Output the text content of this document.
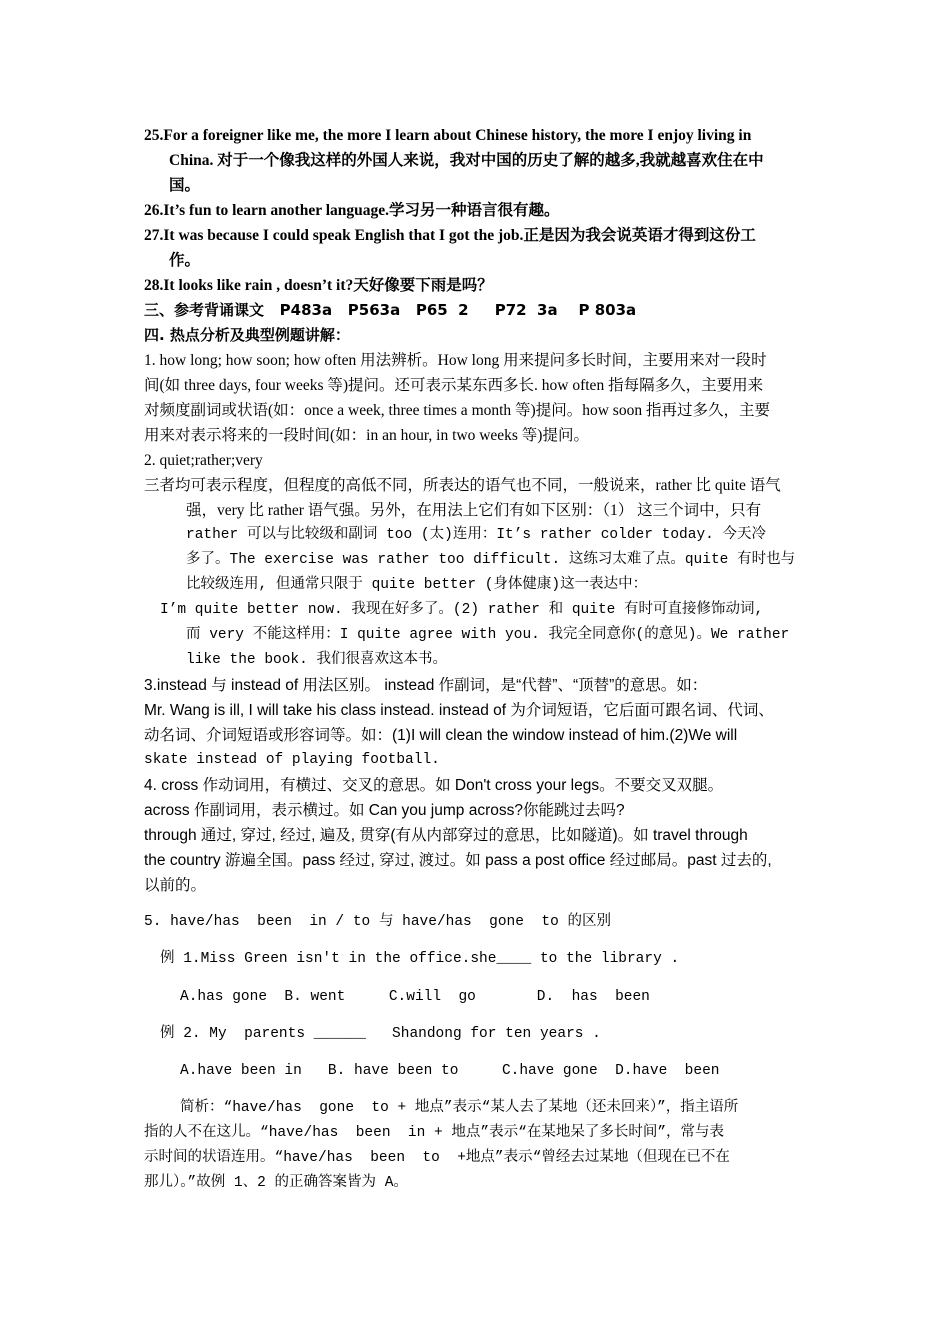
25.For a foreigner like me, the more I learn about Chinese history, the more I enjoy living in
China. 对于一个像我这样的外国人来说，我对中国的历史了解的越多,我就越喜欢住在中
国。
26.It’s fun to learn another language.学习另一种语言很有趣。
27.It was because I could speak English that I got the job.正是因为我会说英语才得到这份工
作。
28.It looks like rain , doesn’t it?天好像要下雨是吗？
三、参考背诵课文   P483a   P563a   P65  2     P72  3a    P 803a
四. 热点分析及典型例题讲解：
1. how long; how soon; how often 用法辨析。How long 用来提问多长时间，主要用来对一段时
间(如 three days, four weeks 等)提问。还可表示某东西多长. how often 指每隔多久，主要用来
对频度副词或状语(如：once a week, three times a month 等)提问。how soon 指再过多久，主要
用来对表示将来的一段时间(如：in an hour, in two weeks 等)提问。
2. quiet;rather;very
三者均可表示程度，但程度的高低不同，所表达的语气也不同，一般说来，rather 比 quite 语气
强，very 比 rather 语气强。另外，在用法上它们有如下区别：（1） 这三个词中，只有
rather 可以与比较级和副词 too (太)连用：It’s rather colder today. 今天冷
多了。The exercise was rather too difficult. 这练习太难了点。quite 有时也与
比较级连用, 但通常只限于 quite better (身体健康)这一表达中：
I’m quite better now. 我现在好多了。(2) rather 和 quite 有时可直接修饰动词,
而 very 不能这样用：I quite agree with you. 我完全同意你(的意见)。We rather
like the book. 我们很喜欢这本书。
3.instead 与 instead of 用法区别。 instead 作副词，是“代替”、“顶替”的意思。如：
Mr. Wang is ill, I will take his class instead. instead of 为介词短语，它后面可跟名词、代词、
动名词、介词短语或形容词等。如：(1)I will clean the window instead of him.(2)We will
skate instead of playing football.
4. cross 作动词用，有横过、交叉的意思。如 Don't cross your legs。不要交叉双腿。
across 作副词用，表示横过。如 Can you jump across?你能跳过去吗?
through 通过, 穿过, 经过, 遍及, 贯穿(有从内部穿过的意思，比如隧道)。如 travel through
the country 游遍全国。pass 经过, 穿过, 渡过。如 pass a post office 经过邮局。past 过去的,
以前的。
5. have/has  been  in / to 与 have/has  gone  to 的区别
例 1.Miss Green isn't in the office.she____ to the library .
A.has gone  B. went     C.will  go       D.  has  been
例 2. My  parents ______   Shandong for ten years .
A.have been in   B. have been to     C.have gone  D.have  been
简析：“have/has  gone  to + 地点”表示“某人去了某地（还未回来）”，指主语所
指的人不在这儿。“have/has  been  in + 地点”表示“在某地呆了多长时间”，常与表
示时间的状语连用。“have/has  been  to  +地点”表示“曾经去过某地（但现在已不在
那儿）。”故例 1、2 的正确答案皆为 A。
